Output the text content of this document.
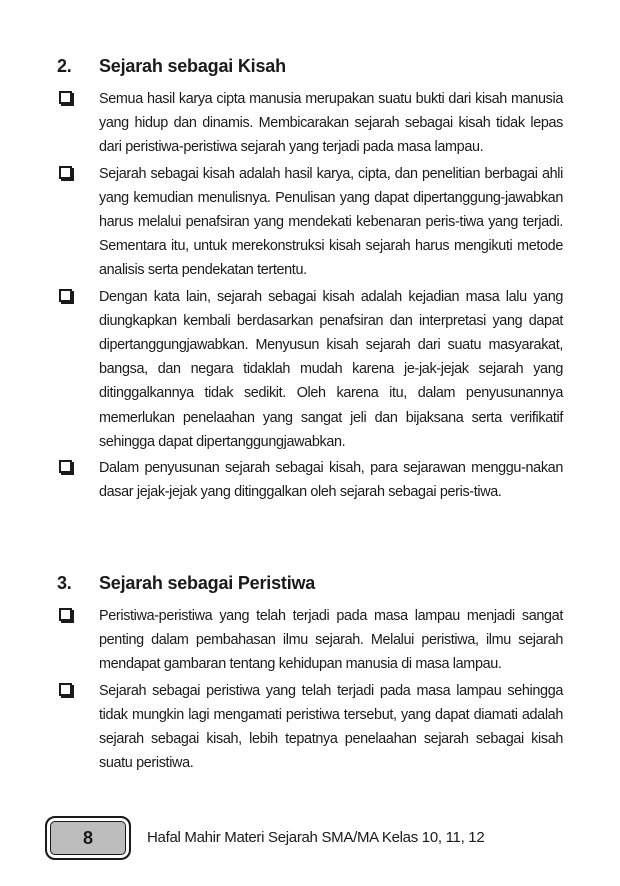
2.	Sejarah sebagai Kisah
Semua hasil karya cipta manusia merupakan suatu bukti dari kisah manusia yang hidup dan dinamis. Membicarakan sejarah sebagai kisah tidak lepas dari peristiwa-peristiwa sejarah yang terjadi pada masa lampau.
Sejarah sebagai kisah adalah hasil karya, cipta, dan penelitian berbagai ahli yang kemudian menulisnya. Penulisan yang dapat dipertanggung-jawabkan harus melalui penafsiran yang mendekati kebenaran peris-tiwa yang terjadi. Sementara itu, untuk merekonstruksi kisah sejarah harus mengikuti metode analisis serta pendekatan tertentu.
Dengan kata lain, sejarah sebagai kisah adalah kejadian masa lalu yang diungkapkan kembali berdasarkan penafsiran dan interpretasi yang dapat dipertanggungjawabkan. Menyusun kisah sejarah dari suatu masyarakat, bangsa, dan negara tidaklah mudah karena je-jak-jejak sejarah yang ditinggalkannya tidak sedikit. Oleh karena itu, dalam penyusunannya memerlukan penelaahan yang sangat jeli dan bijaksana serta verifikatif sehingga dapat dipertanggungjawabkan.
Dalam penyusunan sejarah sebagai kisah, para sejarawan menggu-nakan dasar jejak-jejak yang ditinggalkan oleh sejarah sebagai peris-tiwa.
3.	Sejarah sebagai Peristiwa
Peristiwa-peristiwa yang telah terjadi pada masa lampau menjadi sangat penting dalam pembahasan ilmu sejarah. Melalui peristiwa, ilmu sejarah mendapat gambaran tentang kehidupan manusia di masa lampau.
Sejarah sebagai peristiwa yang telah terjadi pada masa lampau sehingga tidak mungkin lagi mengamati peristiwa tersebut, yang dapat diamati adalah sejarah sebagai kisah, lebih tepatnya penelaahan sejarah sebagai kisah suatu peristiwa.
8	Hafal Mahir Materi Sejarah SMA/MA Kelas 10, 11, 12
